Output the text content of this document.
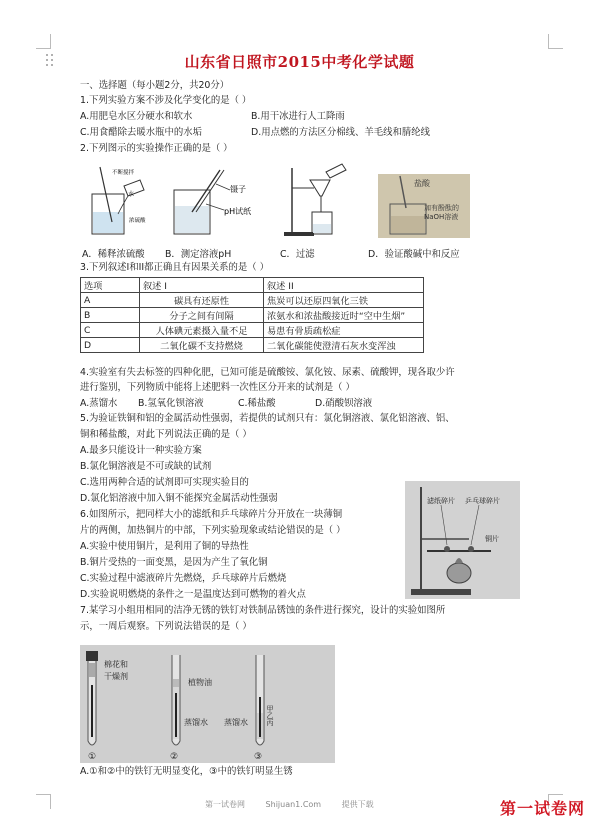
山东省日照市2015中考化学试题
一、选择题（每小题2分，共20分）
1.下列实验方案不涉及化学变化的是（ ）
A.用肥皂水区分硬水和软水	B.用干冰进行人工降雨
C.用食醋除去暖水瓶中的水垢	D.用点燃的方法区分棉线、羊毛线和腈纶线
2.下列图示的实验操作正确的是（ ）
不断搅拌
水
浓硫酸
镊子
pH试纸
盐酸
加有酚酞的NaOH溶液
A．稀释浓硫酸 B．测定溶液pH	C．过滤	D．验证酸碱中和反应
3.下列叙述I和II都正确且有因果关系的是（ ）
选项	叙述 I	叙述 II
A	碳具有还原性	焦炭可以还原四氧化三铁
B	分子之间有间隔	浓氨水和浓盐酸接近时“空中生烟”
C	人体碘元素摄入量不足	易患有骨质疏松症
D	二氧化碳不支持燃烧	二氧化碳能使澄清石灰水变浑浊
4.实验室有失去标签的四种化肥，已知可能是硫酸铵、氯化铵、尿素、硫酸钾，现各取少许
进行鉴别，下列物质中能将上述肥料一次性区分开来的试剂是（ ）
A.蒸馏水 B.氢氧化钡溶液	C.稀盐酸	D.硝酸钡溶液
5.为验证铁铜和铝的金属活动性强弱，若提供的试剂只有：氯化铜溶液、氯化铝溶液、铝、
铜和稀盐酸，对此下列说法正确的是（ ）
A.最多只能设计一种实验方案
B.氯化铜溶液是不可或缺的试剂
C.选用两种合适的试剂即可实现实验目的
D.氯化铝溶液中加入铜不能探究金属活动性强弱
6.如图所示，把同样大小的滤纸和乒乓球碎片分开放在一块薄铜
片的两侧，加热铜片的中部，下列实验现象或结论错误的是（ ）
A.实验中使用铜片，是利用了铜的导热性
B.铜片受热的一面变黑，是因为产生了氧化铜
C.实验过程中滤液碎片先燃烧，乒乓球碎片后燃烧
D.实验说明燃烧的条件之一是温度达到可燃物的着火点
滤纸碎片 乒乓球碎片
铜片
7.某学习小组用相同的洁净无锈的铁钉对铁制品锈蚀的条件进行探究，设计的实验如图所
示，一周后观察。下列说法错误的是（ ）
棉花和
干燥剂
①
植物油
蒸馏水
②
蒸馏水	甲乙丙
③
A.①和②中的铁钉无明显变化，③中的铁钉明显生锈
第一试卷网	Shijuan1.Com	提供下载	第一试卷网
